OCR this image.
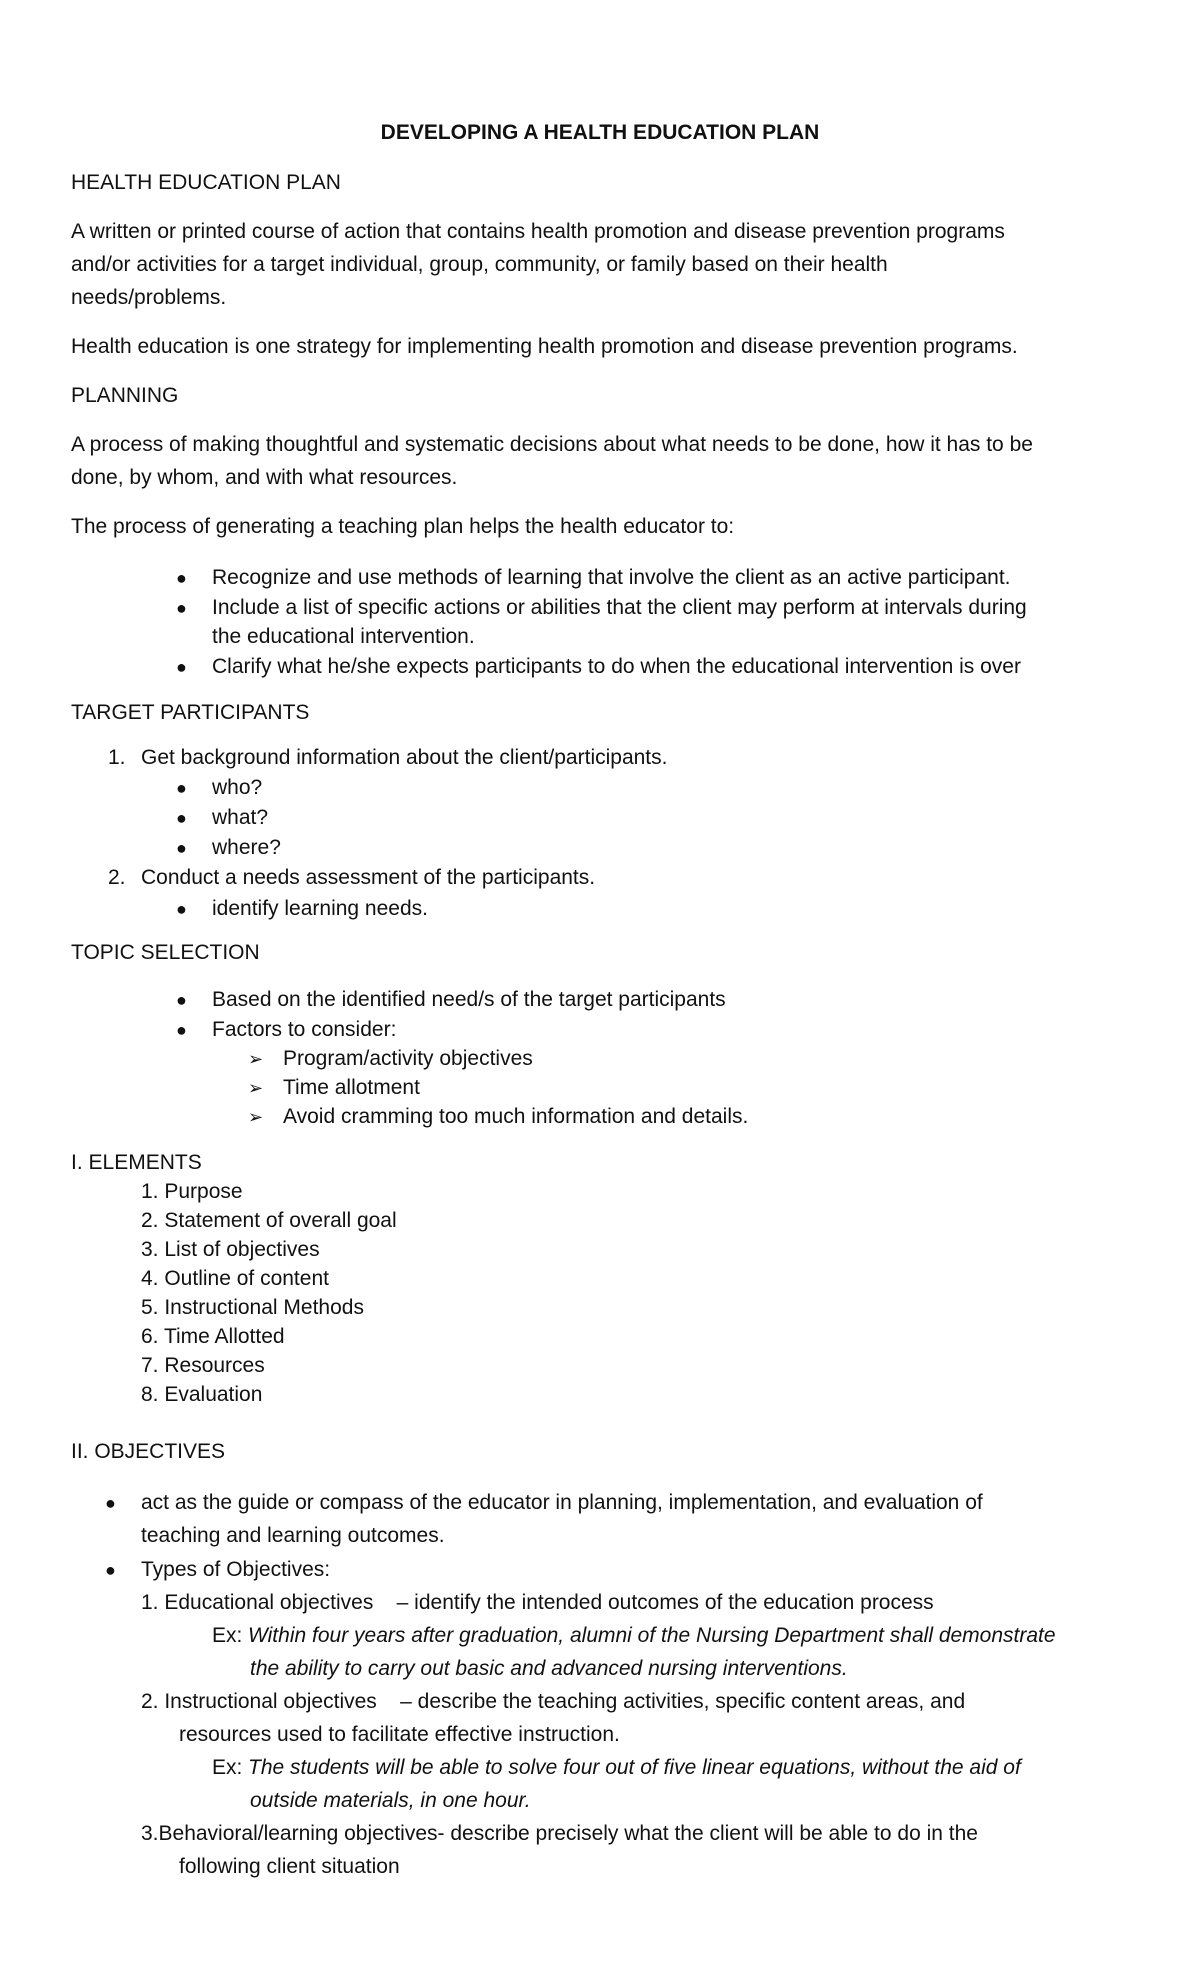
DEVELOPING A HEALTH EDUCATION PLAN
HEALTH EDUCATION PLAN
A written or printed course of action that contains health promotion and disease prevention programs
and/or activities for a target individual, group, community, or family based on their health
needs/problems.
Health education is one strategy for implementing health promotion and disease prevention programs.
PLANNING
A process of making thoughtful and systematic decisions about what needs to be done, how it has to be
done, by whom, and with what resources.
The process of generating a teaching plan helps the health educator to:
● Recognize and use methods of learning that involve the client as an active participant.
● Include a list of specific actions or abilities that the client may perform at intervals during
the educational intervention.
● Clarify what he/she expects participants to do when the educational intervention is over
TARGET PARTICIPANTS
1. Get background information about the client/participants.
● who?
● what?
● where?
2. Conduct a needs assessment of the participants.
● identify learning needs.
TOPIC SELECTION
● Based on the identified need/s of the target participants
● Factors to consider:
➢ Program/activity objectives
➢ Time allotment
➢ Avoid cramming too much information and details.
I. ELEMENTS
1. Purpose
2. Statement of overall goal
3. List of objectives
4. Outline of content
5. Instructional Methods
6. Time Allotted
7. Resources
8. Evaluation
II. OBJECTIVES
● act as the guide or compass of the educator in planning, implementation, and evaluation of
teaching and learning outcomes.
● Types of Objectives:
1. Educational objectives    – identify the intended outcomes of the education process
Ex: Within four years after graduation, alumni of the Nursing Department shall demonstrate
the ability to carry out basic and advanced nursing interventions.
2. Instructional objectives    – describe the teaching activities, specific content areas, and
resources used to facilitate effective instruction.
Ex: The students will be able to solve four out of five linear equations, without the aid of
outside materials, in one hour.
3.Behavioral/learning objectives- describe precisely what the client will be able to do in the
following client situation
